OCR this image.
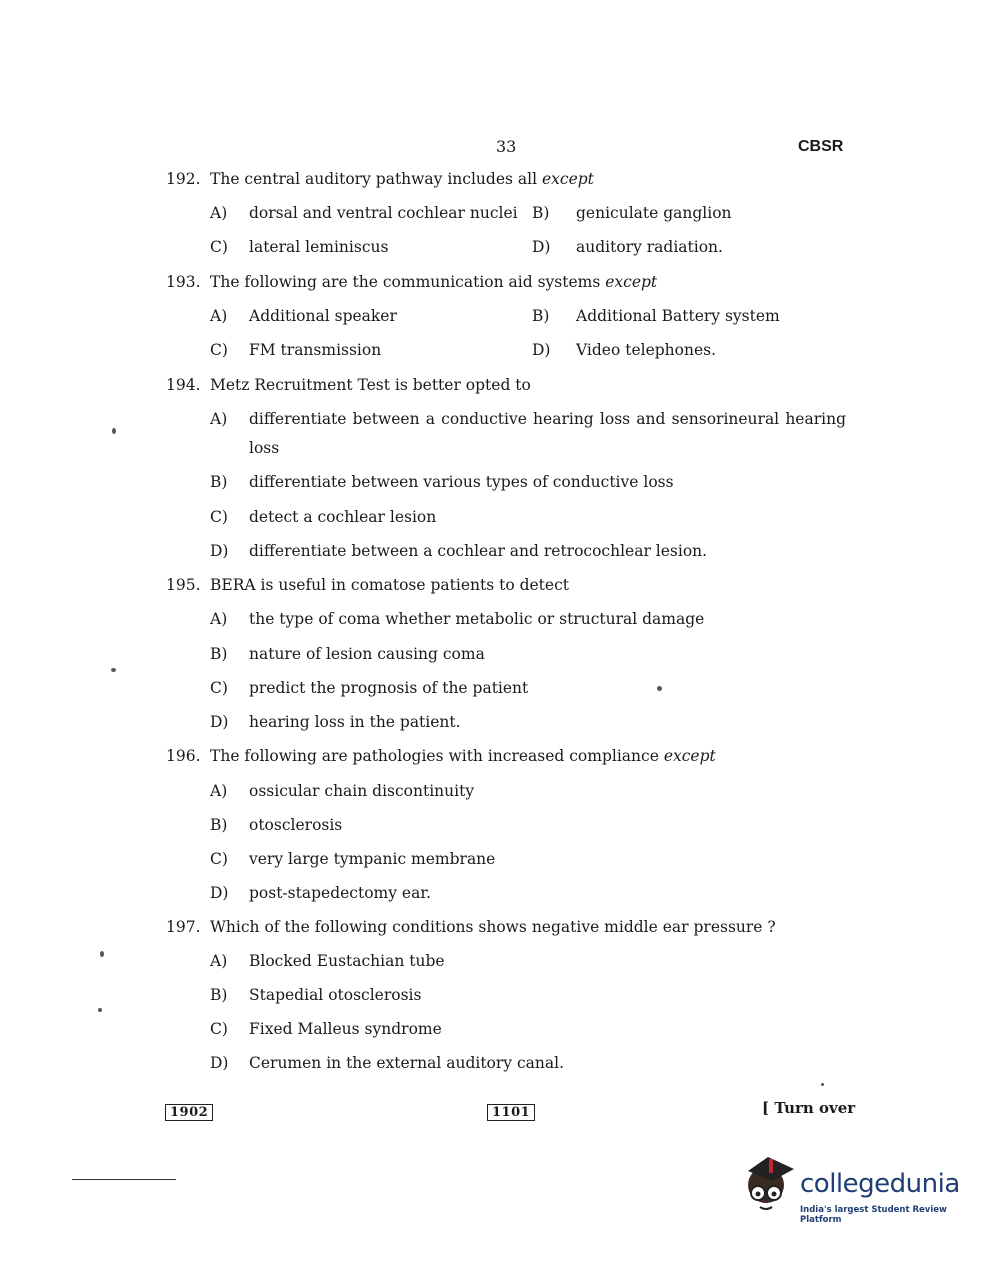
33	CBSR
192. The central auditory pathway includes all except
A) dorsal and ventral cochlear nuclei B) geniculate ganglion
C) lateral leminiscus	D) auditory radiation.
193. The following are the communication aid systems except
A) Additional speaker	B) Additional Battery system
C) FM transmission	D) Video telephones.
194. Metz Recruitment Test is better opted to
A) differentiate between a conductive hearing loss and sensorineural hearing
loss
B) differentiate between various types of conductive loss
C) detect a cochlear lesion
D) differentiate between a cochlear and retrocochlear lesion.
195. BERA is useful in comatose patients to detect
A) the type of coma whether metabolic or structural damage
B) nature of lesion causing coma
C) predict the prognosis of the patient
D) hearing loss in the patient.
196. The following are pathologies with increased compliance except
A) ossicular chain discontinuity
B) otosclerosis
C) very large tympanic membrane
D) post-stapedectomy ear.
197. Which of the following conditions shows negative middle ear pressure ?
A) Blocked Eustachian tube
B) Stapedial otosclerosis
C) Fixed Malleus syndrome
D) Cerumen in the external auditory canal.
1902	1101	[ Turn over
collegedunia
India's largest Student Review Platform
